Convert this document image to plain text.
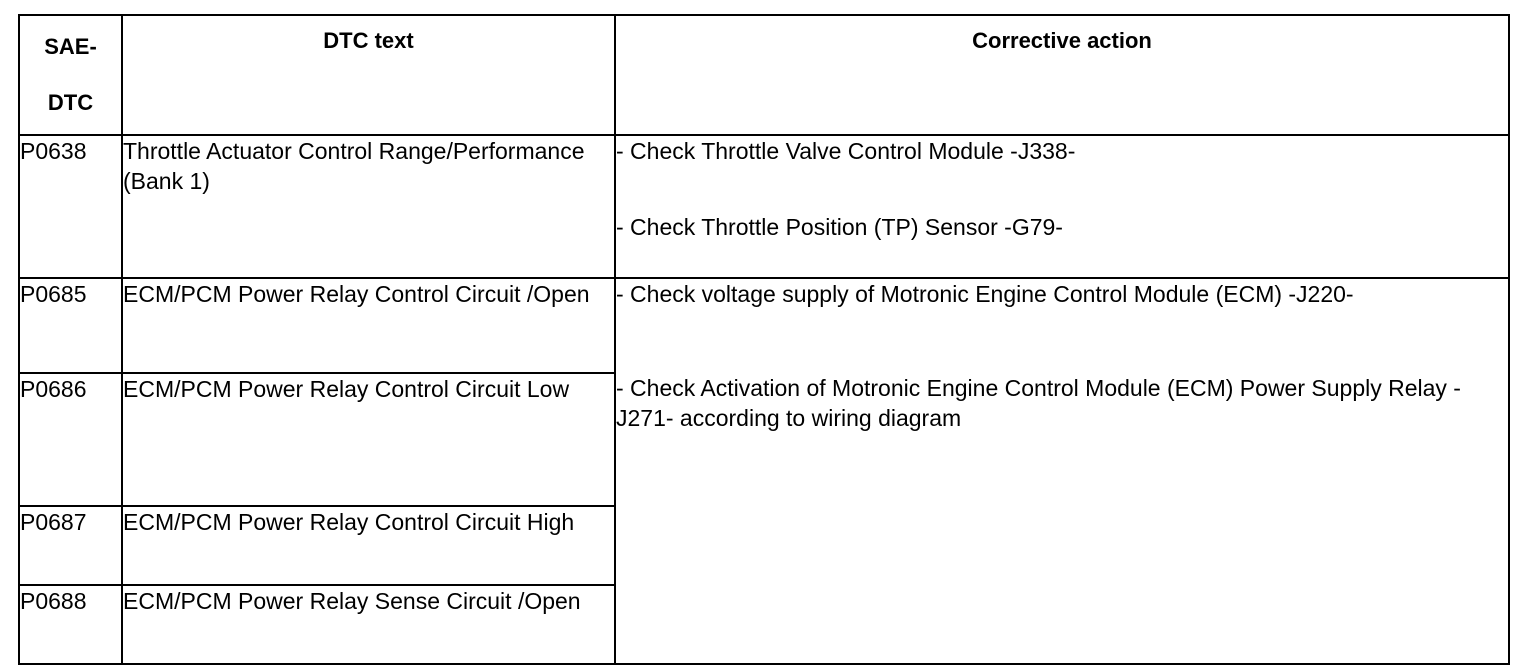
SAE-
DTC	DTC text	Corrective action

P0638	Throttle Actuator Control Range/Performance (Bank 1)	- Check Throttle Valve Control Module -J338-

- Check Throttle Position (TP) Sensor -G79-

P0685	ECM/PCM Power Relay Control Circuit /Open	- Check voltage supply of Motronic Engine Control Module (ECM) -J220-

- Check Activation of Motronic Engine Control Module (ECM) Power Supply Relay -J271- according to wiring diagram

P0686	ECM/PCM Power Relay Control Circuit Low	
P0687	ECM/PCM Power Relay Control Circuit High	
P0688	ECM/PCM Power Relay Sense Circuit /Open	
